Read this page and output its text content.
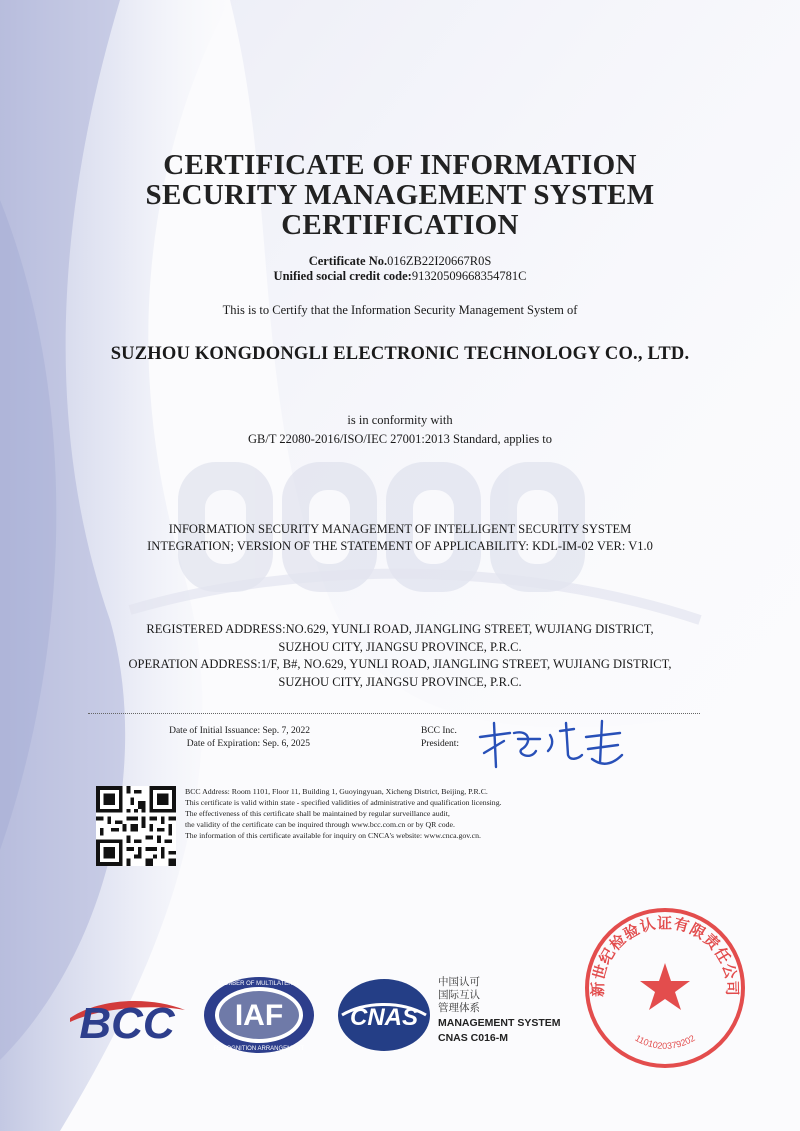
CERTIFICATE OF INFORMATION
SECURITY MANAGEMENT SYSTEM
CERTIFICATION
Certificate No.016ZB22I20667R0S
Unified social credit code:91320509668354781C
This is to Certify that the Information Security Management System of
SUZHOU KONGDONGLI ELECTRONIC TECHNOLOGY CO., LTD.
is in conformity with
GB/T 22080-2016/ISO/IEC 27001:2013 Standard, applies to
INFORMATION SECURITY MANAGEMENT OF INTELLIGENT SECURITY SYSTEM
INTEGRATION; VERSION OF THE STATEMENT OF APPLICABILITY: KDL-IM-02 VER: V1.0
REGISTERED ADDRESS:NO.629, YUNLI ROAD, JIANGLING STREET, WUJIANG DISTRICT,
SUZHOU CITY, JIANGSU PROVINCE, P.R.C.
OPERATION ADDRESS:1/F, B#, NO.629, YUNLI ROAD, JIANGLING STREET, WUJIANG DISTRICT,
SUZHOU CITY, JIANGSU PROVINCE, P.R.C.
Date of Initial Issuance: Sep. 7, 2022
Date of Expiration: Sep. 6, 2025
BCC Inc.
President:
BCC Address: Room 1101, Floor 11, Building 1, Guoyingyuan, Xicheng District, Beijing, P.R.C.
This certificate is valid within state - specified validities of administrative and qualification licensing.
The effectiveness of this certificate shall be maintained by regular surveillance audit,
the validity of the certificate can be inquired through www.bcc.com.cn or by QR code.
The information of this certificate available for inquiry on CNCA's website: www.cnca.gov.cn.
BCC IAF
MEMBER OF MULTILATERAL
RECOGNITION ARRANGEMENT
CNAS
中国认可
国际互认
管理体系
MANAGEMENT SYSTEM
CNAS C016-M
新世纪检验认证有限责任公司
1101020379202
